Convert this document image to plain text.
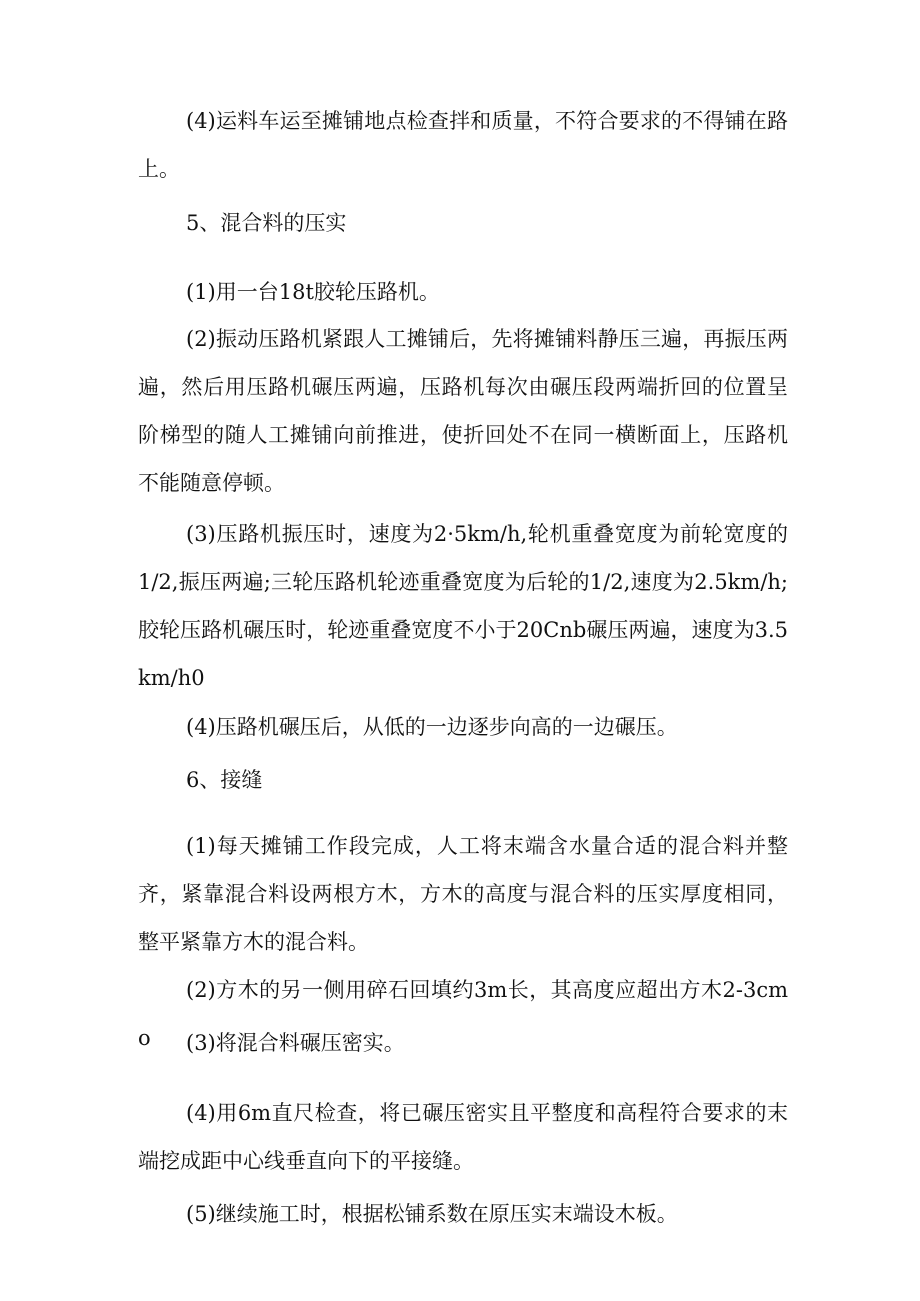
(4)运料车运至摊铺地点检查拌和质量，不符合要求的不得铺在路上。

5、混合料的压实

(1)用一台18t胶轮压路机。

(2)振动压路机紧跟人工摊铺后，先将摊铺料静压三遍，再振压两遍，然后用压路机碾压两遍，压路机每次由碾压段两端折回的位置呈阶梯型的随人工摊铺向前推进，使折回处不在同一横断面上，压路机不能随意停顿。

(3)压路机振压时，速度为2·5km∕h,轮机重叠宽度为前轮宽度的1/2,振压两遍;三轮压路机轮迹重叠宽度为后轮的1/2,速度为2.5km∕h;胶轮压路机碾压时，轮迹重叠宽度不小于20Cnb碾压两遍，速度为3.5km∕h0

(4)压路机碾压后，从低的一边逐步向高的一边碾压。

6、接缝

(1)每天摊铺工作段完成，人工将末端含水量合适的混合料并整齐，紧靠混合料设两根方木，方木的高度与混合料的压实厚度相同，整平紧靠方木的混合料。

(2)方木的另一侧用碎石回填约3m长，其高度应超出方木2-3cmo	(3)将混合料碾压密实。

(4)用6m直尺检查，将已碾压密实且平整度和高程符合要求的末端挖成距中心线垂直向下的平接缝。

(5)继续施工时，根据松铺系数在原压实末端设木板。
